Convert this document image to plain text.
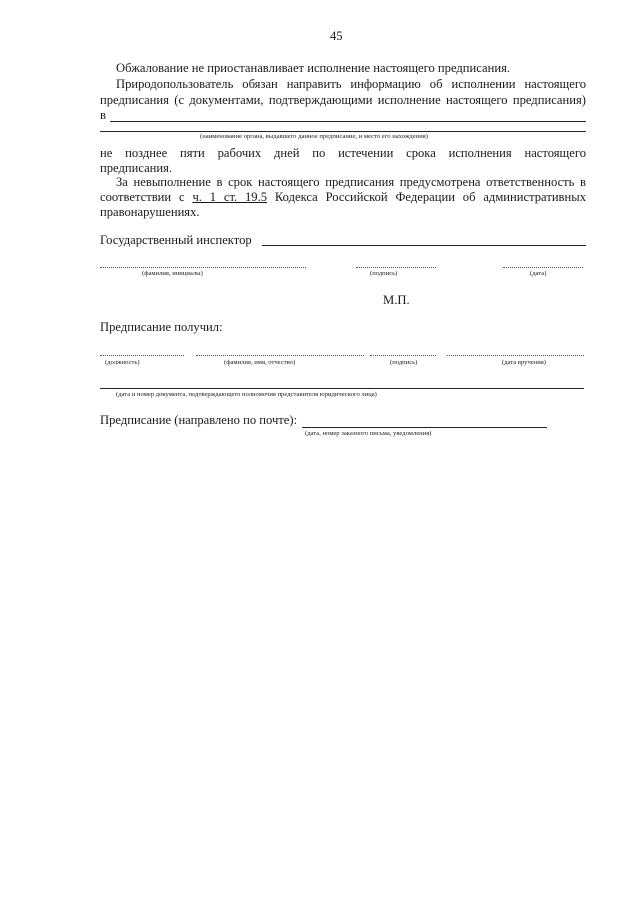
45
Обжалование не приостанавливает исполнение настоящего предписания.
Природопользователь обязан направить информацию об исполнении настоящего
предписания (с документами, подтверждающими исполнение настоящего предписания)
в
(наименование органа, выдавшего данное предписание, и место его нахождения)
не позднее пяти рабочих дней по истечении срока исполнения настоящего
предписания.
За невыполнение в срок настоящего предписания предусмотрена ответственность в
соответствии с ч. 1 ст. 19.5 Кодекса Российской Федерации об административных
правонарушениях.
Государственный инспектор
(фамилия, инициалы)	(подпись)	(дата)
М.П.
Предписание получил:
(должность)	(фамилия, имя, отчество)	(подпись)	(дата вручения)
(дата и номер документа, подтверждающего полномочия представителя юридического лица)
Предписание (направлено по почте):
(дата, номер заказного письма, уведомления)
